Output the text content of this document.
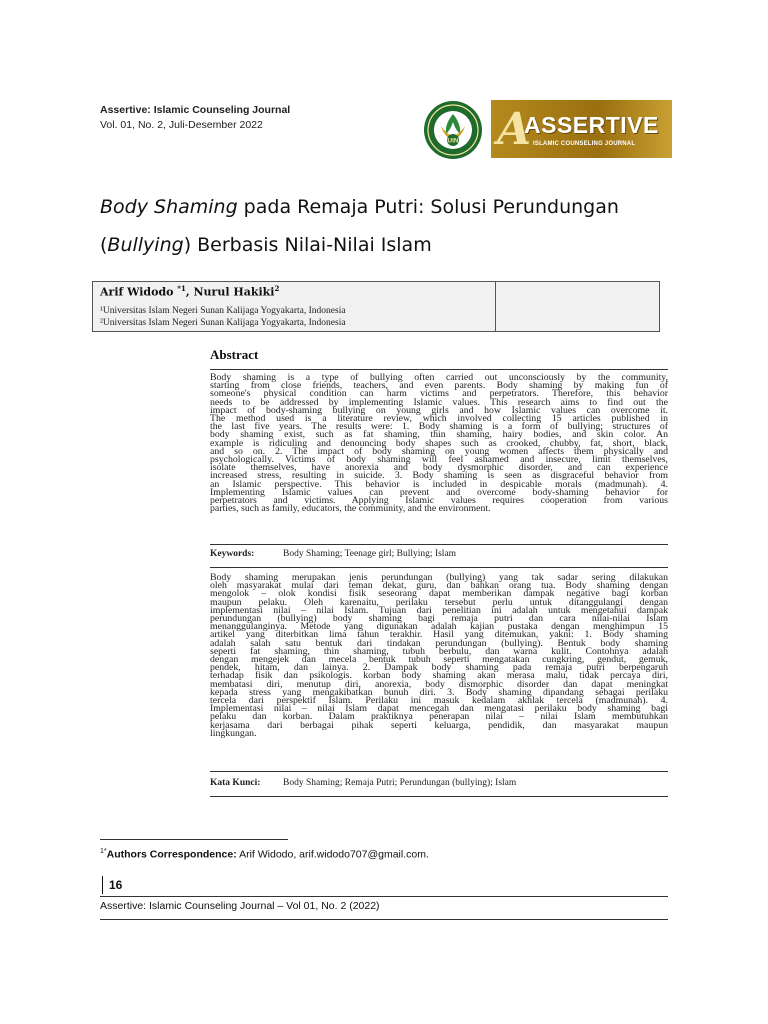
Assertive: Islamic Counseling Journal
Vol. 01, No. 2, Juli-Desember 2022
UIN A
ASSERTIVE
ISLAMIC COUNSELING JOURNAL
Body Shaming pada Remaja Putri: Solusi Perundungan
(Bullying) Berbasis Nilai-Nilai Islam
Arif Widodo $^{*1}$, Nurul Hakiki$^2$
¹Universitas Islam Negeri Sunan Kalijaga Yogyakarta, Indonesia
²Universitas Islam Negeri Sunan Kalijaga Yogyakarta, Indonesia
Abstract
Body shaming is a type of bullying often carried out unconsciously by the community,
starting from close friends, teachers, and even parents. Body shaming by making fun of
someone's physical condition can harm victims and perpetrators. Therefore, this behavior
needs to be addressed by implementing Islamic values. This research aims to find out the
impact of body-shaming bullying on young girls and how Islamic values can overcome it.
The method used is a literature review, which involved collecting 15 articles published in
the last five years. The results were: 1. Body shaming is a form of bullying; structures of
body shaming exist, such as fat shaming, thin shaming, hairy bodies, and skin color. An
example is ridiculing and denouncing body shapes such as crooked, chubby, fat, short, black,
and so on. 2. The impact of body shaming on young women affects them physically and
psychologically. Victims of body shaming will feel ashamed and insecure, limit themselves,
isolate themselves, have anorexia and body dysmorphic disorder, and can experience
increased stress, resulting in suicide. 3. Body shaming is seen as disgraceful behavior from
an Islamic perspective. This behavior is included in despicable morals (madmunah). 4.
Implementing Islamic values can prevent and overcome body-shaming behavior for
perpetrators and victims. Applying Islamic values requires cooperation from various
parties, such as family, educators, the community, and the environment.
Keywords:	Body Shaming; Teenage girl; Bullying; Islam
Body shaming merupakan jenis perundungan (bullying) yang tak sadar sering dilakukan
oleh masyarakat mulai dari teman dekat, guru, dan bahkan orang tua. Body shaming dengan
mengolok – olok kondisi fisik seseorang dapat memberikan dampak negative bagi korban
maupun pelaku. Oleh karenaitu, perilaku tersebut perlu untuk ditanggulangi dengan
implementasi nilai – nilai Islam. Tujuan dari penelitian ini adalah untuk mengetahui dampak
perundungan (bullying) body shaming bagi remaja putri dan cara nilai-nilai Islam
menanggulanginya. Metode yang digunakan adalah kajian pustaka dengan menghimpun 15
artikel yang diterbitkan lima tahun terakhir. Hasil yang ditemukan, yakni: 1. Body shaming
adalah salah satu bentuk dari tindakan perundungan (bullying). Bentuk body shaming
seperti fat shaming, thin shaming, tubuh berbulu, dan warna kulit. Contohnya adalah
dengan mengejek dan mecela bentuk tubuh seperti mengatakan cungkring, gendut, gemuk,
pendek, hitam, dan lainya. 2. Dampak body shaming pada remaja putri berpengaruh
terhadap fisik dan psikologis. korban body shaming akan merasa malu, tidak percaya diri,
membatasi diri, menutup diri, anorexia, body dismorphic disorder dan dapat meningkat
kepada stress yang mengakibatkan bunuh diri. 3. Body shaming dipandang sebagai perilaku
tercela dari perspektif Islam. Perilaku ini masuk kedalam akhlak tercela (madmunah). 4.
Implementasi nilai – nilai Islam dapat mencegah dan mengatasi perilaku body shaming bagi
pelaku dan korban. Dalam praktiknya penerapan nilai – nilai Islam membutuhkan
kerjasama dari berbagai pihak seperti keluarga, pendidik, dan masyarakat maupun
lingkungan.
Kata Kunci: Body Shaming; Remaja Putri; Perundungan (bullying); Islam
$^{1*}$Authors Correspondence: Arif Widodo, arif.widodo707@gmail.com.
16
Assertive: Islamic Counseling Journal – Vol 01, No. 2 (2022)
